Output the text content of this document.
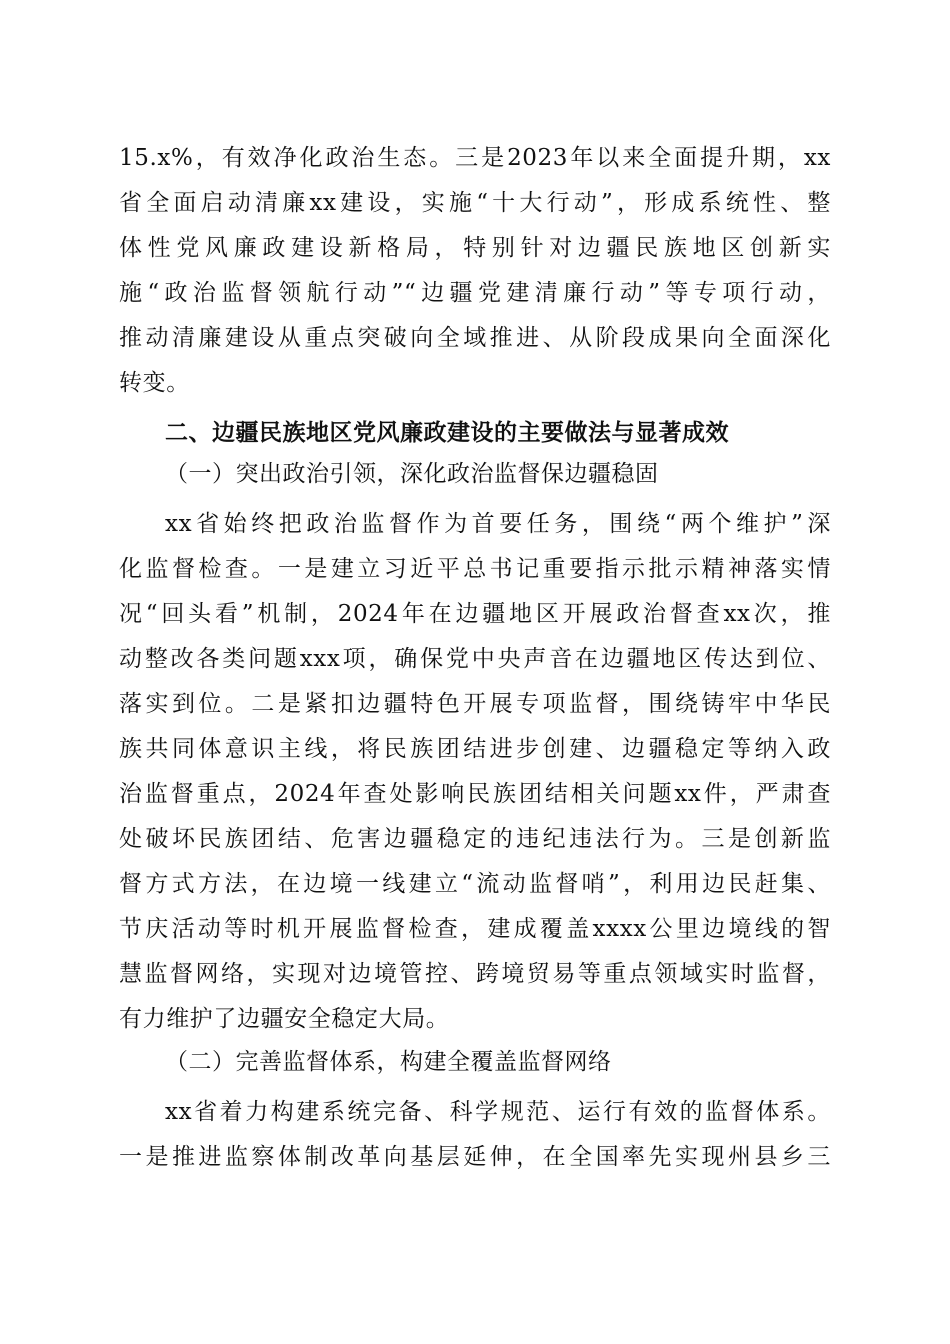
15.x%，有效净化政治生态。三是2023年以来全面提升期，xx
省全面启动清廉xx建设，实施“十大行动”，形成系统性、整
体性党风廉政建设新格局，特别针对边疆民族地区创新实
施“政治监督领航行动”“边疆党建清廉行动”等专项行动，
推动清廉建设从重点突破向全域推进、从阶段成果向全面深化
转变。
二、边疆民族地区党风廉政建设的主要做法与显著成效
（一）突出政治引领，深化政治监督保边疆稳固
xx省始终把政治监督作为首要任务，围绕“两个维护”深
化监督检查。一是建立习近平总书记重要指示批示精神落实情
况“回头看”机制，2024年在边疆地区开展政治督查xx次，推
动整改各类问题xxx项，确保党中央声音在边疆地区传达到位、
落实到位。二是紧扣边疆特色开展专项监督，围绕铸牢中华民
族共同体意识主线，将民族团结进步创建、边疆稳定等纳入政
治监督重点，2024年查处影响民族团结相关问题xx件，严肃查
处破坏民族团结、危害边疆稳定的违纪违法行为。三是创新监
督方式方法，在边境一线建立“流动监督哨”，利用边民赶集、
节庆活动等时机开展监督检查，建成覆盖xxxx公里边境线的智
慧监督网络，实现对边境管控、跨境贸易等重点领域实时监督，
有力维护了边疆安全稳定大局。
（二）完善监督体系，构建全覆盖监督网络
xx省着力构建系统完备、科学规范、运行有效的监督体系。
一是推进监察体制改革向基层延伸，在全国率先实现州县乡三
